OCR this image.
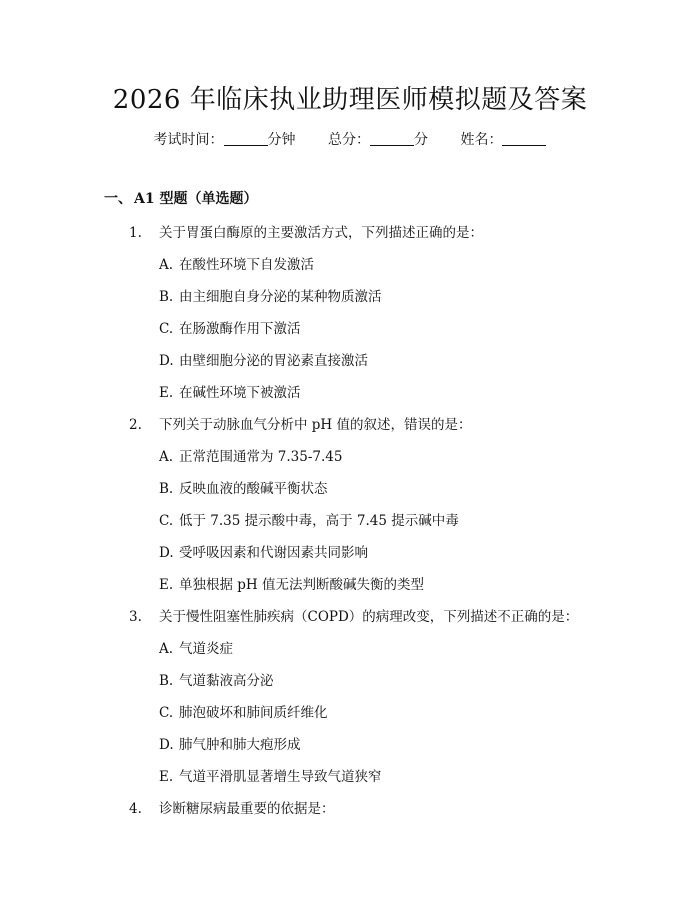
2026 年临床执业助理医师模拟题及答案
考试时间：	分钟 总分：	分 姓名：
一、 A1 型题（单选题）
1. 关于胃蛋白酶原的主要激活方式，下列描述正确的是：
A. 在酸性环境下自发激活
B. 由主细胞自身分泌的某种物质激活
C. 在肠激酶作用下激活
D. 由壁细胞分泌的胃泌素直接激活
E. 在碱性环境下被激活
2. 下列关于动脉血气分析中 pH 值的叙述，错误的是：
A. 正常范围通常为 7.35-7.45
B. 反映血液的酸碱平衡状态
C. 低于 7.35 提示酸中毒，高于 7.45 提示碱中毒
D. 受呼吸因素和代谢因素共同影响
E. 单独根据 pH 值无法判断酸碱失衡的类型
3. 关于慢性阻塞性肺疾病（COPD）的病理改变，下列描述不正确的是：
A. 气道炎症
B. 气道黏液高分泌
C. 肺泡破坏和肺间质纤维化
D. 肺气肿和肺大疱形成
E. 气道平滑肌显著增生导致气道狭窄
4. 诊断糖尿病最重要的依据是：
